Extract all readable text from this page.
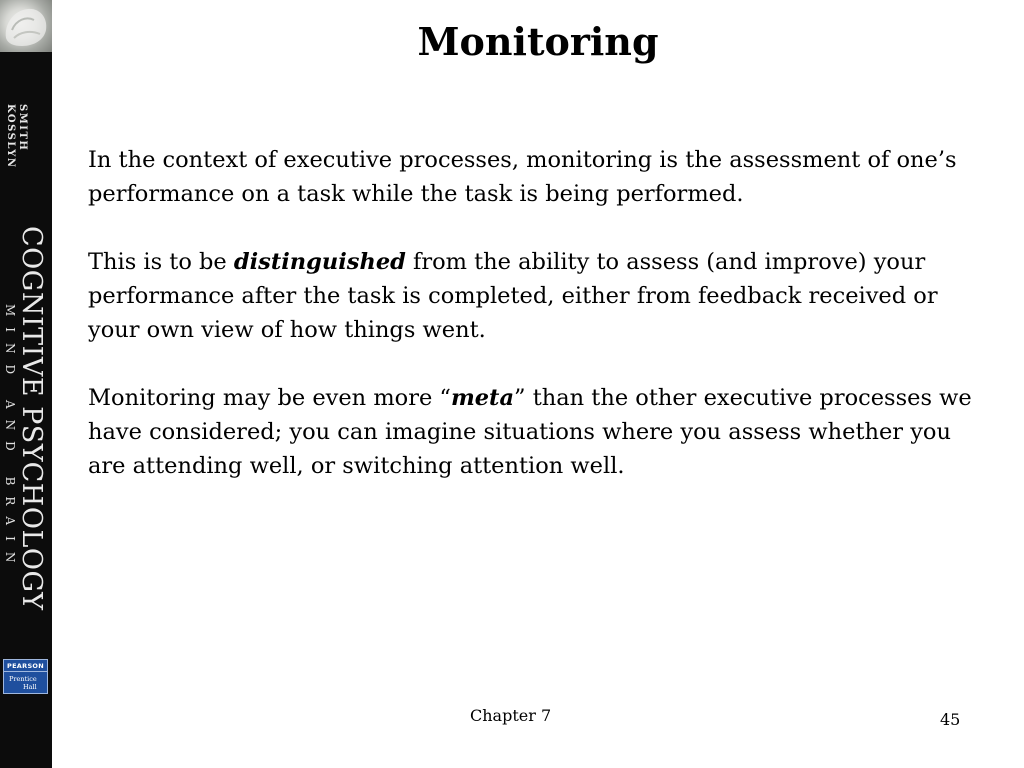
SMITH
KOSSLYN
COGNITIVE PSYCHOLOGY
MIND AND BRAIN
PEARSON
Prentice
Hall
Monitoring

In the context of executive processes, monitoring is the assessment of one’s performance on a task while the task is being performed.

This is to be distinguished from the ability to assess (and improve) your performance after the task is completed, either from feedback received or your own view of how things went.

Monitoring may be even more “meta” than the other executive processes we have considered; you can imagine situations where you assess whether you are attending well, or switching attention well.

Chapter 7	45
